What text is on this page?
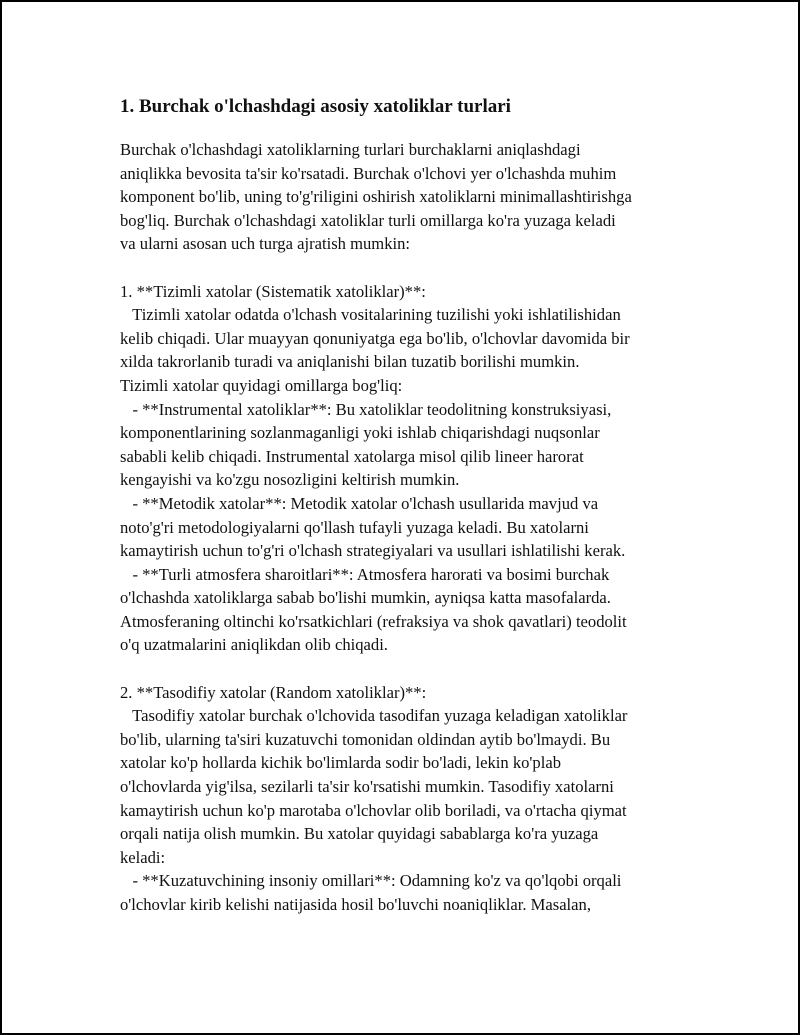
1. Burchak o'lchashdagi asosiy xatoliklar turlari
Burchak o'lchashdagi xatoliklarning turlari burchaklarni aniqlashdagi
aniqlikka bevosita ta'sir ko'rsatadi. Burchak o'lchovi yer o'lchashda muhim
komponent bo'lib, uning to'g'riligini oshirish xatoliklarni minimallashtirishga
bog'liq. Burchak o'lchashdagi xatoliklar turli omillarga ko'ra yuzaga keladi
va ularni asosan uch turga ajratish mumkin:
1. **Tizimli xatolar (Sistematik xatoliklar)**:
Tizimli xatolar odatda o'lchash vositalarining tuzilishi yoki ishlatilishidan
kelib chiqadi. Ular muayyan qonuniyatga ega bo'lib, o'lchovlar davomida bir
xilda takrorlanib turadi va aniqlanishi bilan tuzatib borilishi mumkin.
Tizimli xatolar quyidagi omillarga bog'liq:
- **Instrumental xatoliklar**: Bu xatoliklar teodolitning konstruksiyasi,
komponentlarining sozlanmaganligi yoki ishlab chiqarishdagi nuqsonlar
sababli kelib chiqadi. Instrumental xatolarga misol qilib lineer harorat
kengayishi va ko'zgu nosozligini keltirish mumkin.
- **Metodik xatolar**: Metodik xatolar o'lchash usullarida mavjud va
noto'g'ri metodologiyalarni qo'llash tufayli yuzaga keladi. Bu xatolarni
kamaytirish uchun to'g'ri o'lchash strategiyalari va usullari ishlatilishi kerak.
- **Turli atmosfera sharoitlari**: Atmosfera harorati va bosimi burchak
o'lchashda xatoliklarga sabab bo'lishi mumkin, ayniqsa katta masofalarda.
Atmosferaning oltinchi ko'rsatkichlari (refraksiya va shok qavatlari) teodolit
o'q uzatmalarini aniqlikdan olib chiqadi.
2. **Tasodifiy xatolar (Random xatoliklar)**:
Tasodifiy xatolar burchak o'lchovida tasodifan yuzaga keladigan xatoliklar
bo'lib, ularning ta'siri kuzatuvchi tomonidan oldindan aytib bo'lmaydi. Bu
xatolar ko'p hollarda kichik bo'limlarda sodir bo'ladi, lekin ko'plab
o'lchovlarda yig'ilsa, sezilarli ta'sir ko'rsatishi mumkin. Tasodifiy xatolarni
kamaytirish uchun ko'p marotaba o'lchovlar olib boriladi, va o'rtacha qiymat
orqali natija olish mumkin. Bu xatolar quyidagi sabablarga ko'ra yuzaga
keladi:
- **Kuzatuvchining insoniy omillari**: Odamning ko'z va qo'lqobi orqali
o'lchovlar kirib kelishi natijasida hosil bo'luvchi noaniqliklar. Masalan,
